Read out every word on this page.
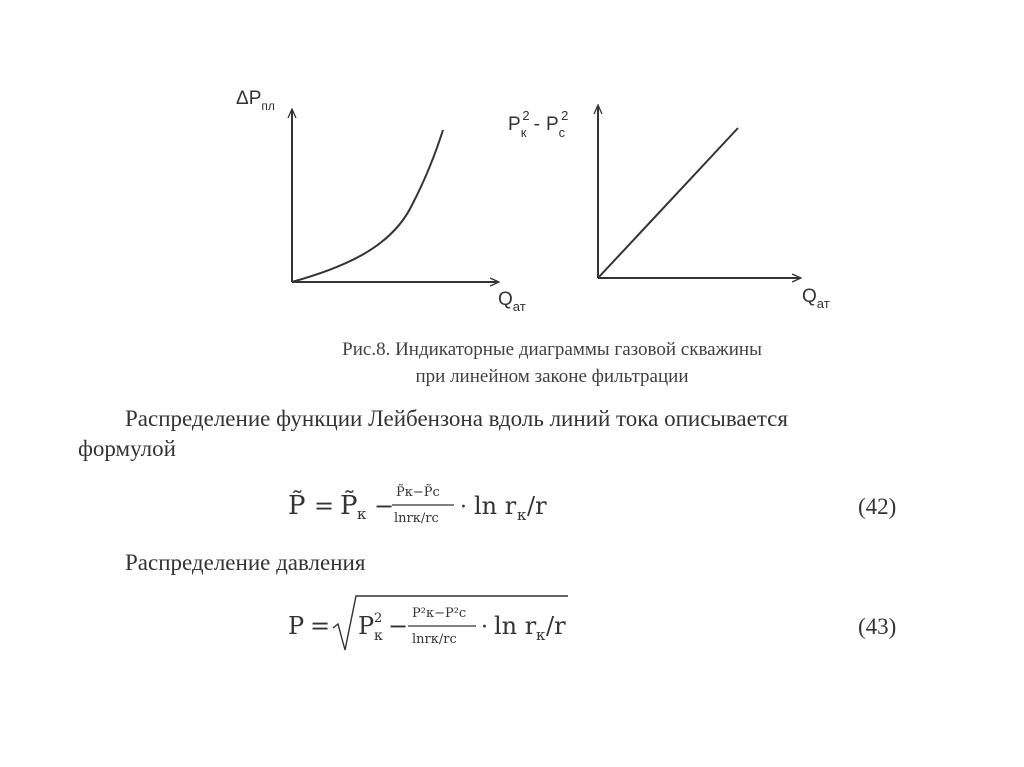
$\Delta P_{пл}$
$Q_{ат}$
$P_к2 - P_с2$
$Q_{ат}$
Рис.8. Индикаторные диаграммы газовой скважины
при линейном законе фильтрации
Распределение функции Лейбензона вдоль линий тока описывается
формулой
P̃ = P̃ к − P̃к−P̃с
lnrк/rс · ln r к /r	(42)
Распределение давления
P = P к
2 − P²к−P²с
lnrк/rс · ln r к /r	(43)
